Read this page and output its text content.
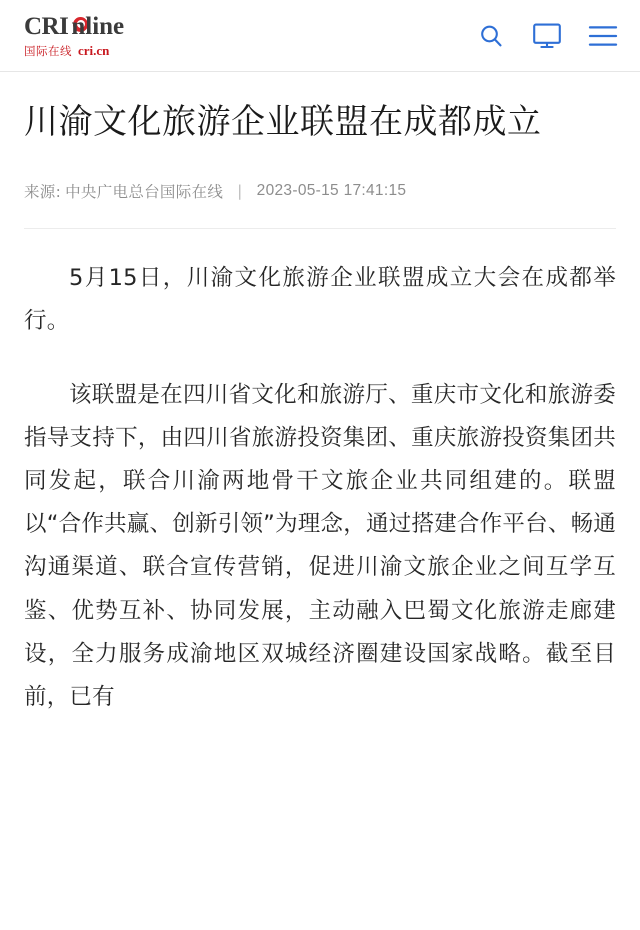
CRI nline
国际在线 cri.cn
川渝文化旅游企业联盟在成都成立
来源: 中央广电总台国际在线 | 2023-05-15 17:41:15

5月15日，川渝文化旅游企业联盟成立大会在成都举行。

该联盟是在四川省文化和旅游厅、重庆市文化和旅游委指导支持下，由四川省旅游投资集团、重庆旅游投资集团共同发起，联合川渝两地骨干文旅企业共同组建的。联盟以“合作共赢、创新引领”为理念，通过搭建合作平台、畅通沟通渠道、联合宣传营销，促进川渝文旅企业之间互学互鉴、优势互补、协同发展，主动融入巴蜀文化旅游走廊建设，全力服务成渝地区双城经济圈建设国家战略。截至目前，已有
